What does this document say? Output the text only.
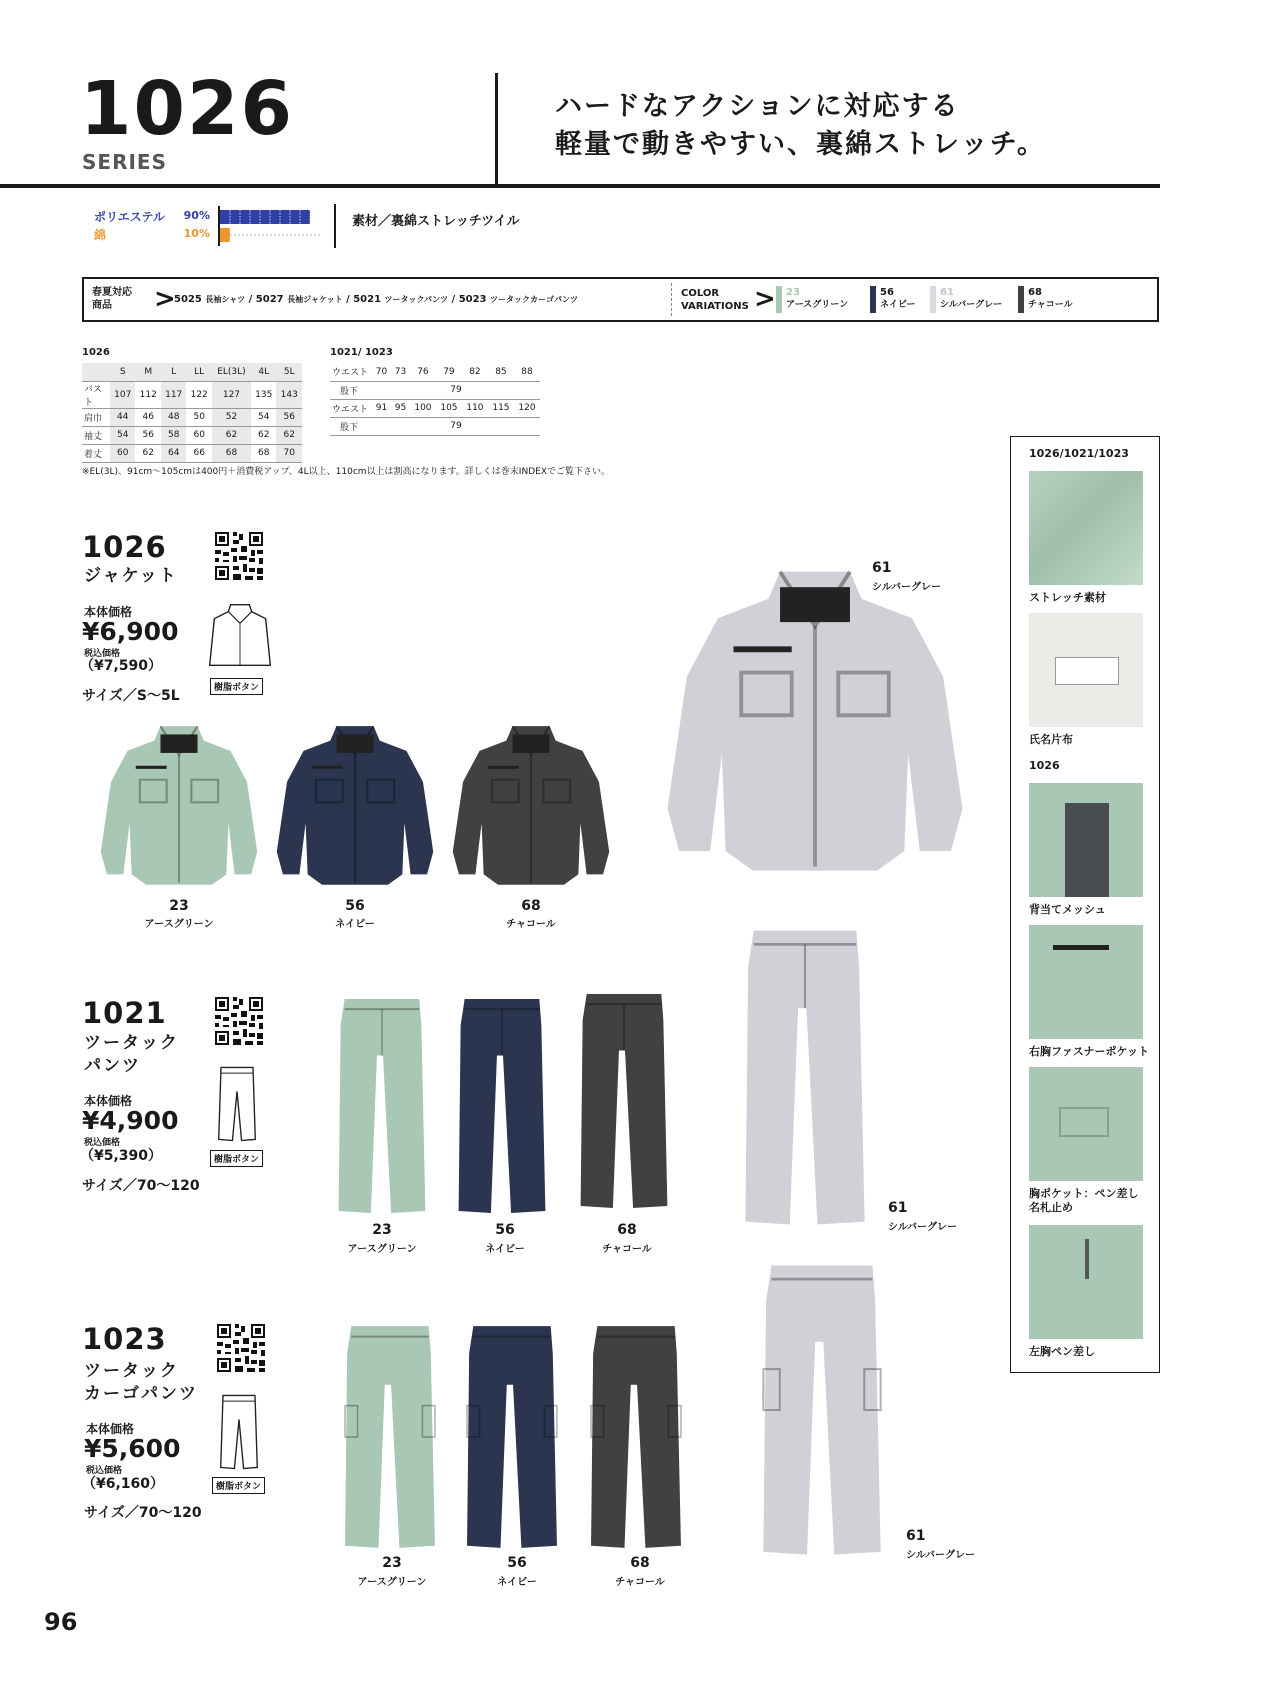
1026
SERIES
ハードなアクションに対応する
軽量で動きやすい、裏綿ストレッチ。
ポリエステル	90%
綿	10%
素材／裏綿ストレッチツイル
春夏対応
商品 >
5025 長袖シャツ / 5027 長袖ジャケット / 5021 ツータックパンツ / 5023 ツータックカーゴパンツ
COLOR
VARIATIONS > 23
アースグリーン
56
ネイビー
61
シルバーグレー
68
チャコール
1026
	S	M	L	LL	EL(3L)	4L	5L
バスト	107	112	117	122	127	135	143
肩巾	44	46	48	50	52	54	56
袖丈	54	56	58	60	62	62	62
着丈	60	62	64	66	68	68	70
1021/ 1023
ウエスト	70	73	76	79	82	85	88
股下	79						
ウエスト	91	95	100	105	110	115	120
股下	79						
※EL(3L)、91cm～105cmは400円＋消費税アップ、4L以上、110cm以上は割高になります。詳しくは巻末INDEXでご覧下さい。
1026
ジャケット
本体価格
¥6,900
税込価格
（¥7,590）
サイズ／S～5L	樹脂ボタン
23
アースグリーン
56
ネイビー
68
チャコール
61
シルバーグレー
1021
ツータック
パンツ
本体価格
¥4,900
税込価格
（¥5,390）
サイズ／70～120
樹脂ボタン
23
アースグリーン
56
ネイビー
68
チャコール
61
シルバーグレー
1023
ツータック
カーゴパンツ
本体価格
¥5,600
税込価格
（¥6,160）
サイズ／70～120
樹脂ボタン
23
アースグリーン
56
ネイビー
68
チャコール
61
シルバーグレー
1026/1021/1023
ストレッチ素材
氏名片布
1026
背当てメッシュ
右胸ファスナーポケット
胸ポケット：ペン差し
名札止め
左胸ペン差し
96
